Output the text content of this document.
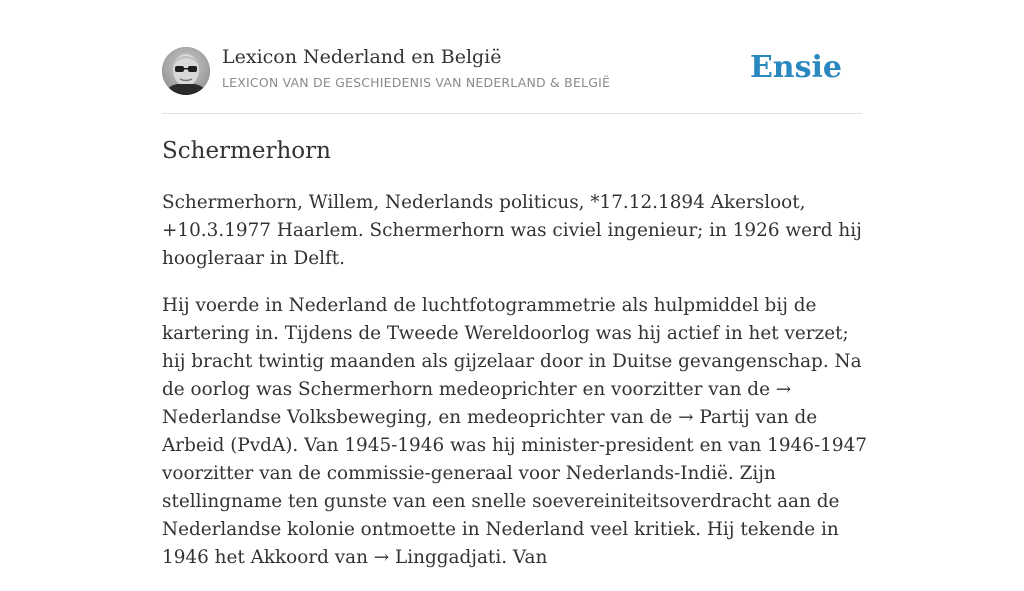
Lexicon Nederland en België
LEXICON VAN DE GESCHIEDENIS VAN NEDERLAND & BELGIË	Ensie
Schermerhorn

Schermerhorn, Willem, Nederlands politicus, *17.12.1894 Akersloot, +10.3.1977 Haarlem. Schermerhorn was civiel ingenieur; in 1926 werd hij hoogleraar in Delft.

Hij voerde in Nederland de luchtfotogrammetrie als hulpmiddel bij de kartering in. Tijdens de Tweede Wereldoorlog was hij actief in het verzet; hij bracht twintig maanden als gijzelaar door in Duitse gevangenschap. Na de oorlog was Schermerhorn medeoprichter en voorzitter van de → Nederlandse Volksbeweging, en medeoprichter van de → Partij van de Arbeid (PvdA). Van 1945-1946 was hij minister-president en van 1946-1947 voorzitter van de commissie-generaal voor Nederlands-Indië. Zijn stellingname ten gunste van een snelle soevereiniteitsoverdracht aan de Nederlandse kolonie ontmoette in Nederland veel kritiek. Hij tekende in 1946 het Akkoord van → Linggadjati. Van
